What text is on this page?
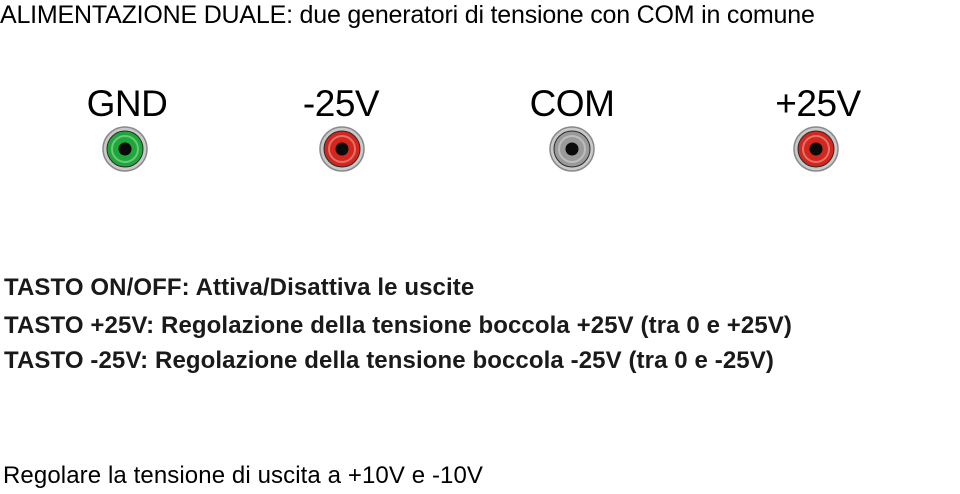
ALIMENTAZIONE DUALE: due generatori di tensione con COM in comune
GND	-25V	COM	+25V
TASTO ON/OFF: Attiva/Disattiva le uscite
TASTO +25V: Regolazione della tensione boccola +25V (tra 0 e +25V)
TASTO -25V: Regolazione della tensione boccola -25V (tra 0 e -25V)
Regolare la tensione di uscita a +10V e -10V
